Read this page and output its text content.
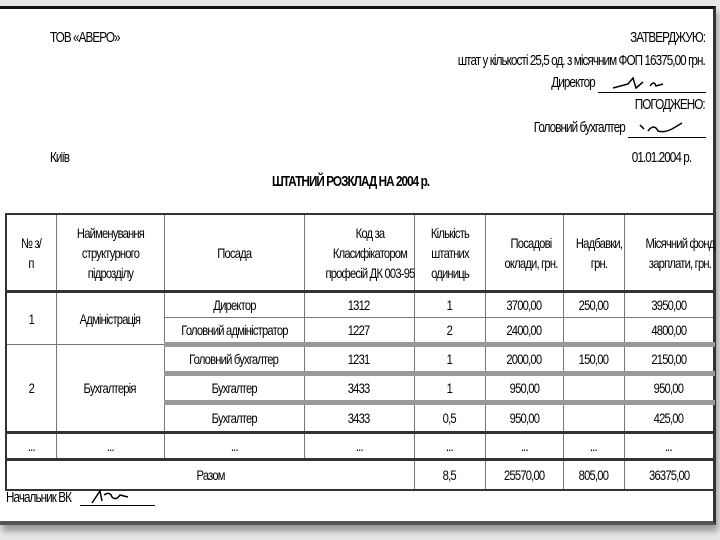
ТОВ «АВЕРО»	ЗАТВЕРДЖУЮ:
штат у кількості 25,5 од. з місячним ФОП 16375,00 грн.
Директор
ПОГОДЖЕНО:
Головний бухгалтер
Київ	01.01.2004 р.
ШТАТНИЙ РОЗКЛАД НА 2004 р.
№ з/п	Найменування структурного підрозділу	Посада	Код за Класифікатором професій ДК 003-95	Кількість штатних одиниць	Посадові оклади, грн.	Надбавки, грн.	Місячний фонд зарплати, грн.
1	Адміністрація	Директор	1312	1	3700,00	250,00	3950,00
		Головний адміністратор	1227	2	2400,00		4800,00
2	Бухгалтерія	Головний бухгалтер	1231	1	2000,00	150,00	2150,00
		Бухгалтер	3433	1	950,00		950,00
		Бухгалтер	3433	0,5	950,00		425,00
...	...	...	...	...	...	...	...
Разом				8,5	25570,00	805,00	36375,00
Начальник ВК
